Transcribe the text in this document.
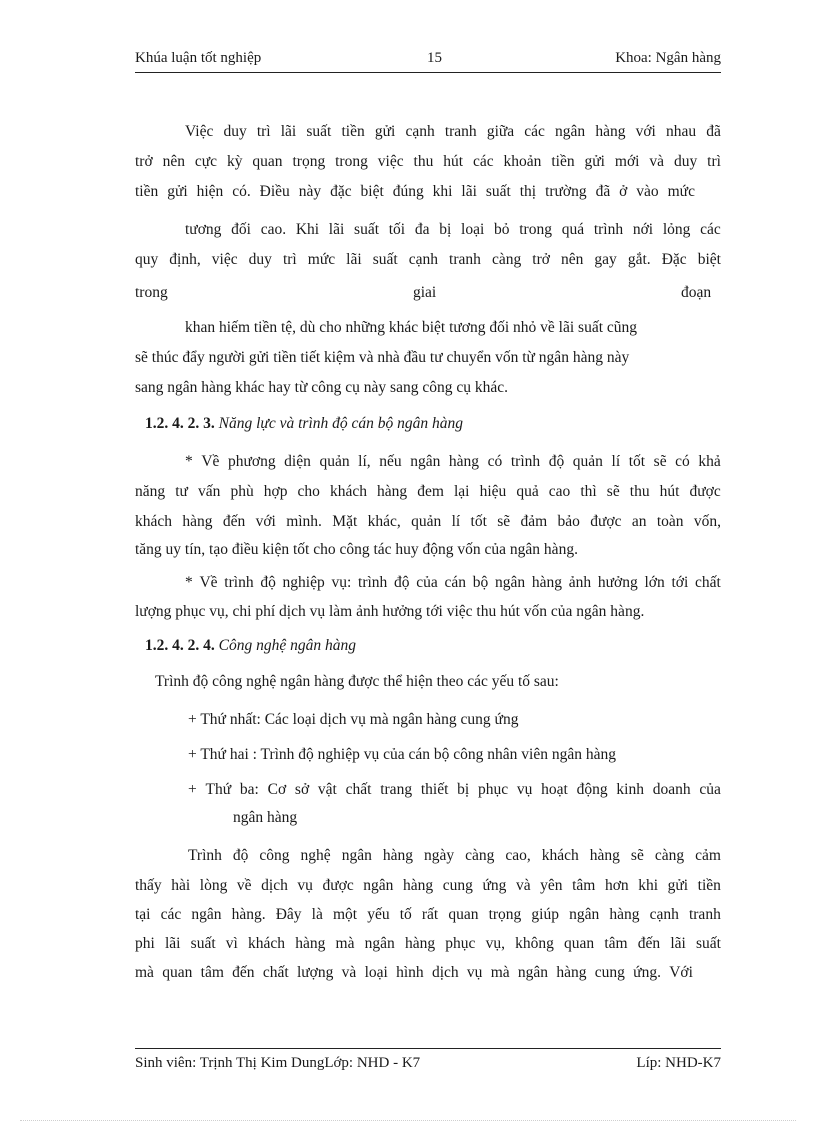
Khúa luận tốt nghiệp	15	Khoa: Ngân hàng
Việc duy trì lãi suất tiền gửi cạnh tranh giữa các ngân hàng với nhau đã
trở nên cực kỳ quan trọng trong việc thu hút các khoản tiền gửi mới và duy trì
tiền gửi hiện có. Điều này đặc biệt đúng khi lãi suất thị trường đã ở vào mức
tương đối cao. Khi lãi suất tối đa bị loại bỏ trong quá trình nới lỏng các
quy định, việc duy trì mức lãi suất cạnh tranh càng trở nên gay gắt. Đặc biệt
trong	giai	đoạn
khan hiếm tiền tệ, dù cho những khác biệt tương đối nhỏ về lãi suất cũng
sẽ thúc đẩy người gửi tiền tiết kiệm và nhà đầu tư chuyển vốn từ ngân hàng này
sang ngân hàng khác hay từ công cụ này sang công cụ khác.
1.2. 4. 2. 3. Năng lực và trình độ cán bộ ngân hàng
* Về phương diện quản lí, nếu ngân hàng có trình độ quản lí tốt sẽ có khả
năng tư vấn phù hợp cho khách hàng đem lại hiệu quả cao thì sẽ thu hút được
khách hàng đến với mình. Mặt khác, quản lí tốt sẽ đảm bảo được an toàn vốn,
tăng uy tín, tạo điều kiện tốt cho công tác huy động vốn của ngân hàng.
* Về trình độ nghiệp vụ: trình độ của cán bộ ngân hàng ảnh hưởng lớn tới chất
lượng phục vụ, chi phí dịch vụ làm ảnh hưởng tới việc thu hút vốn của ngân hàng.
1.2. 4. 2. 4. Công nghệ ngân hàng
Trình độ công nghệ ngân hàng được thể hiện theo các yếu tố sau:
+ Thứ nhất: Các loại dịch vụ mà ngân hàng cung ứng
+ Thứ hai : Trình độ nghiệp vụ của cán bộ công nhân viên ngân hàng
+ Thứ ba: Cơ sở vật chất trang thiết bị phục vụ hoạt động kinh doanh của
ngân hàng
Trình độ công nghệ ngân hàng ngày càng cao, khách hàng sẽ càng cảm
thấy hài lòng về dịch vụ được ngân hàng cung ứng và yên tâm hơn khi gửi tiền
tại các ngân hàng. Đây là một yếu tố rất quan trọng giúp ngân hàng cạnh tranh
phi lãi suất vì khách hàng mà ngân hàng phục vụ, không quan tâm đến lãi suất
mà quan tâm đến chất lượng và loại hình dịch vụ mà ngân hàng cung ứng. Với
Sinh viên: Trịnh Thị Kim DungLớp: NHD - K7	Líp: NHD-K7
